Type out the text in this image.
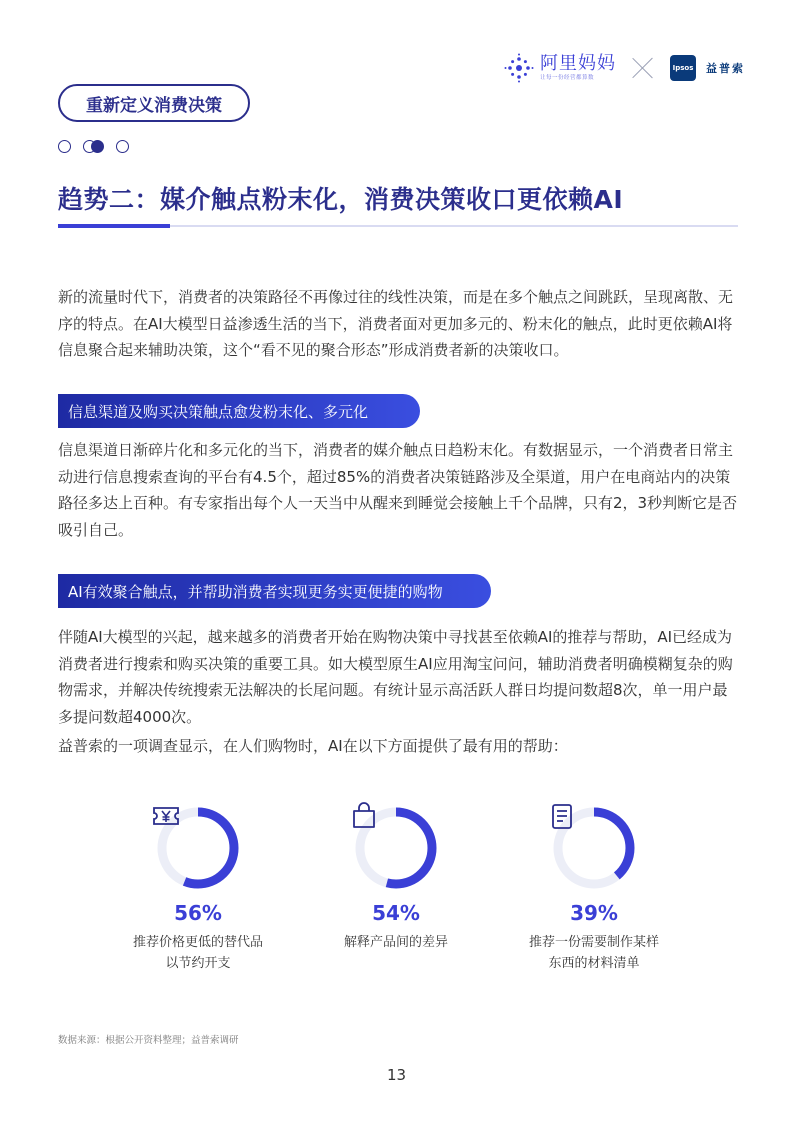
阿里妈妈
让每一份经营都算数
Ipsos 益普索
重新定义消费决策
趋势二：媒介触点粉末化，消费决策收口更依赖AI

新的流量时代下，消费者的决策路径不再像过往的线性决策，而是在多个触点之间跳跃，呈现离散、无序的特点。在AI大模型日益渗透生活的当下，消费者面对更加多元的、粉末化的触点，此时更依赖AI将信息聚合起来辅助决策，这个“看不见的聚合形态”形成消费者新的决策收口。

信息渠道及购买决策触点愈发粉末化、多元化

信息渠道日渐碎片化和多元化的当下，消费者的媒介触点日趋粉末化。有数据显示，一个消费者日常主动进行信息搜索查询的平台有4.5个，超过85%的消费者决策链路涉及全渠道，用户在电商站内的决策路径多达上百种。有专家指出每个人一天当中从醒来到睡觉会接触上千个品牌，只有2，3秒判断它是否吸引自己。

AI有效聚合触点，并帮助消费者实现更务实更便捷的购物

伴随AI大模型的兴起，越来越多的消费者开始在购物决策中寻找甚至依赖AI的推荐与帮助，AI已经成为消费者进行搜索和购买决策的重要工具。如大模型原生AI应用淘宝问问，辅助消费者明确模糊复杂的购物需求，并解决传统搜索无法解决的长尾问题。有统计显示高活跃人群日均提问数超8次，单一用户最多提问数超4000次。

益普索的一项调查显示，在人们购物时，AI在以下方面提供了最有用的帮助：

56%
推荐价格更低的替代品
以节约开支
54%
解释产品间的差异
39%
推荐一份需要制作某样
东西的材料清单
数据来源：根据公开资料整理；益普索调研
13
